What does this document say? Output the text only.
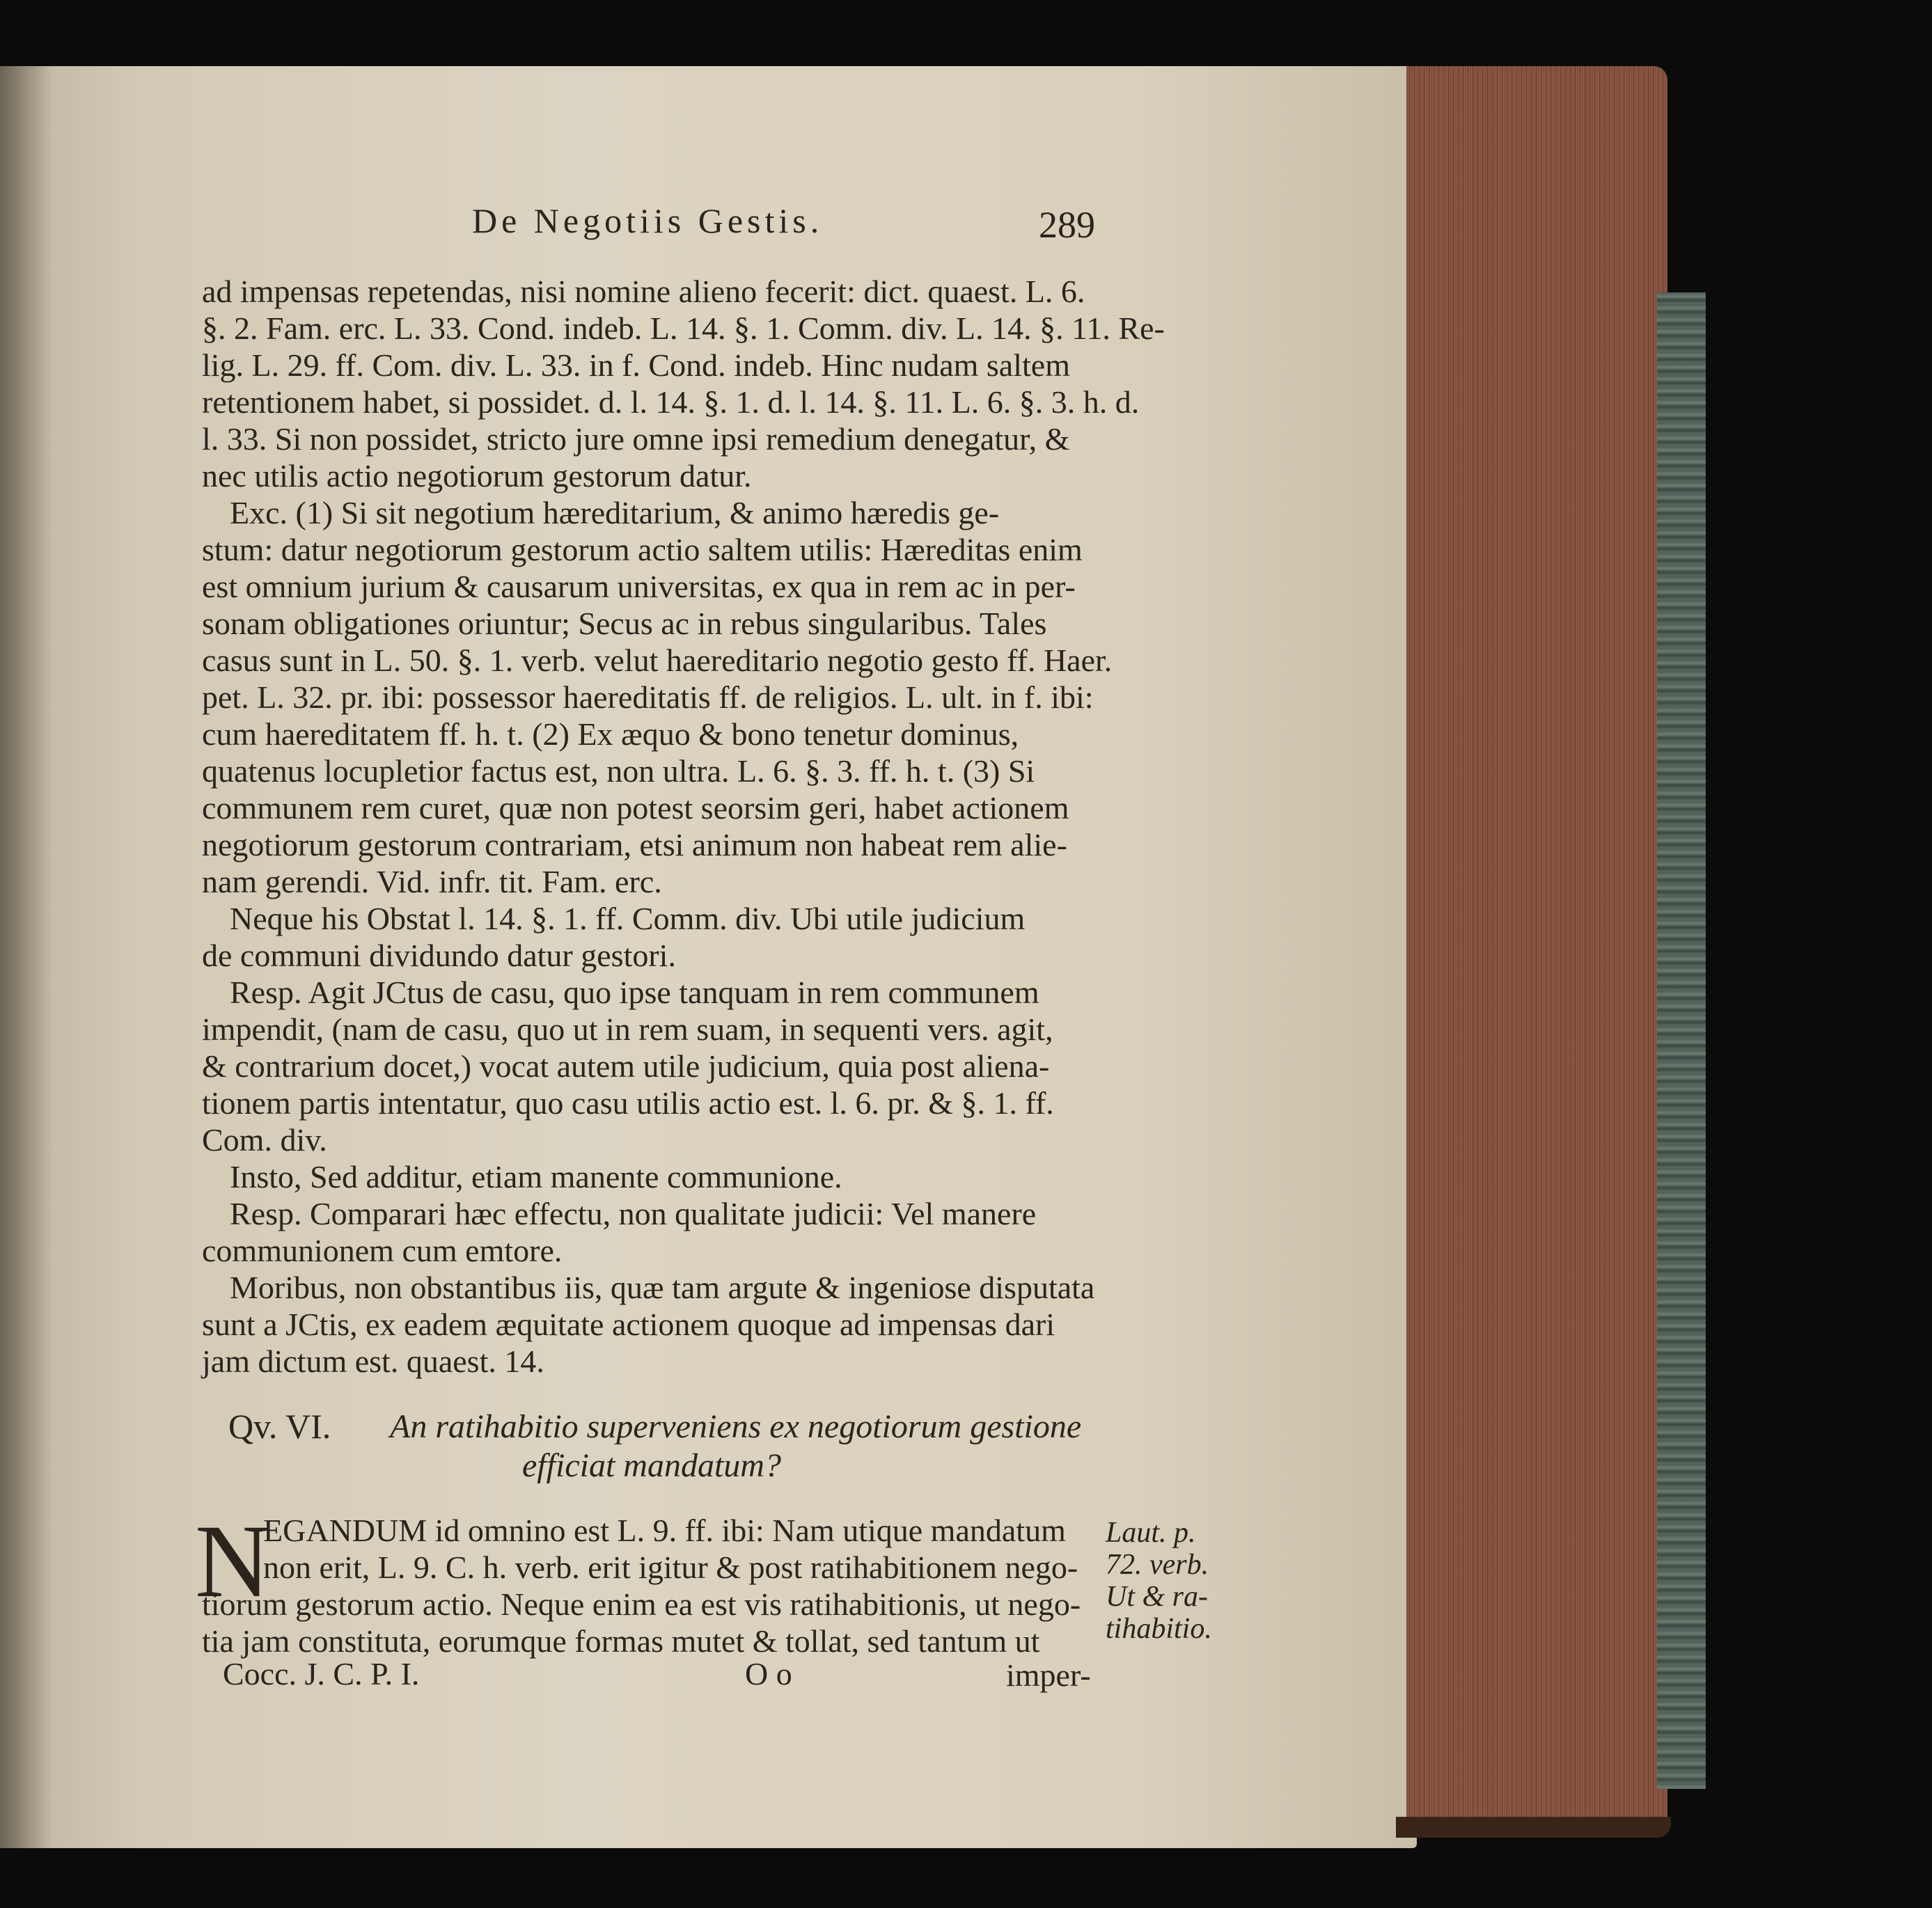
De Negotiis Gestis.	289
ad impensas repetendas, nisi nomine alieno fecerit: dict. quaest. L. 6.
§. 2. Fam. erc. L. 33. Cond. indeb. L. 14. §. 1. Comm. div. L. 14. §. 11. Re-
lig. L. 29. ff. Com. div. L. 33. in f. Cond. indeb. Hinc nudam saltem
retentionem habet, si possidet. d. l. 14. §. 1. d. l. 14. §. 11. L. 6. §. 3. h. d.
l. 33. Si non possidet, stricto jure omne ipsi remedium denegatur, &
nec utilis actio negotiorum gestorum datur.
Exc. (1) Si sit negotium hæreditarium, & animo hæredis ge-
stum: datur negotiorum gestorum actio saltem utilis: Hæreditas enim
est omnium jurium & causarum universitas, ex qua in rem ac in per-
sonam obligationes oriuntur; Secus ac in rebus singularibus. Tales
casus sunt in L. 50. §. 1. verb. velut haereditario negotio gesto ff. Haer.
pet. L. 32. pr. ibi: possessor haereditatis ff. de religios. L. ult. in f. ibi:
cum haereditatem ff. h. t. (2) Ex æquo & bono tenetur dominus,
quatenus locupletior factus est, non ultra. L. 6. §. 3. ff. h. t. (3) Si
communem rem curet, quæ non potest seorsim geri, habet actionem
negotiorum gestorum contrariam, etsi animum non habeat rem alie-
nam gerendi. Vid. infr. tit. Fam. erc.
Neque his Obstat l. 14. §. 1. ff. Comm. div. Ubi utile judicium
de communi dividundo datur gestori.
Resp. Agit JCtus de casu, quo ipse tanquam in rem communem
impendit, (nam de casu, quo ut in rem suam, in sequenti vers. agit,
& contrarium docet,) vocat autem utile judicium, quia post aliena-
tionem partis intentatur, quo casu utilis actio est. l. 6. pr. & §. 1. ff.
Com. div.
Insto, Sed additur, etiam manente communione.
Resp. Comparari hæc effectu, non qualitate judicii: Vel manere
communionem cum emtore.
Moribus, non obstantibus iis, quæ tam argute & ingeniose disputata
sunt a JCtis, ex eadem æquitate actionem quoque ad impensas dari
jam dictum est. quaest. 14.
Qv. VI. An ratihabitio superveniens ex negotiorum gestione
efficiat mandatum?
N
EGANDUM id omnino est L. 9. ff. ibi: Nam utique mandatum
non erit, L. 9. C. h. verb. erit igitur & post ratihabitionem nego-
tiorum gestorum actio. Neque enim ea est vis ratihabitionis, ut nego-
tia jam constituta, eorumque formas mutet & tollat, sed tantum ut
Laut. p.
72. verb.
Ut & ra-
tihabitio.
Cocc. J. C. P. I.	O o	imper-
